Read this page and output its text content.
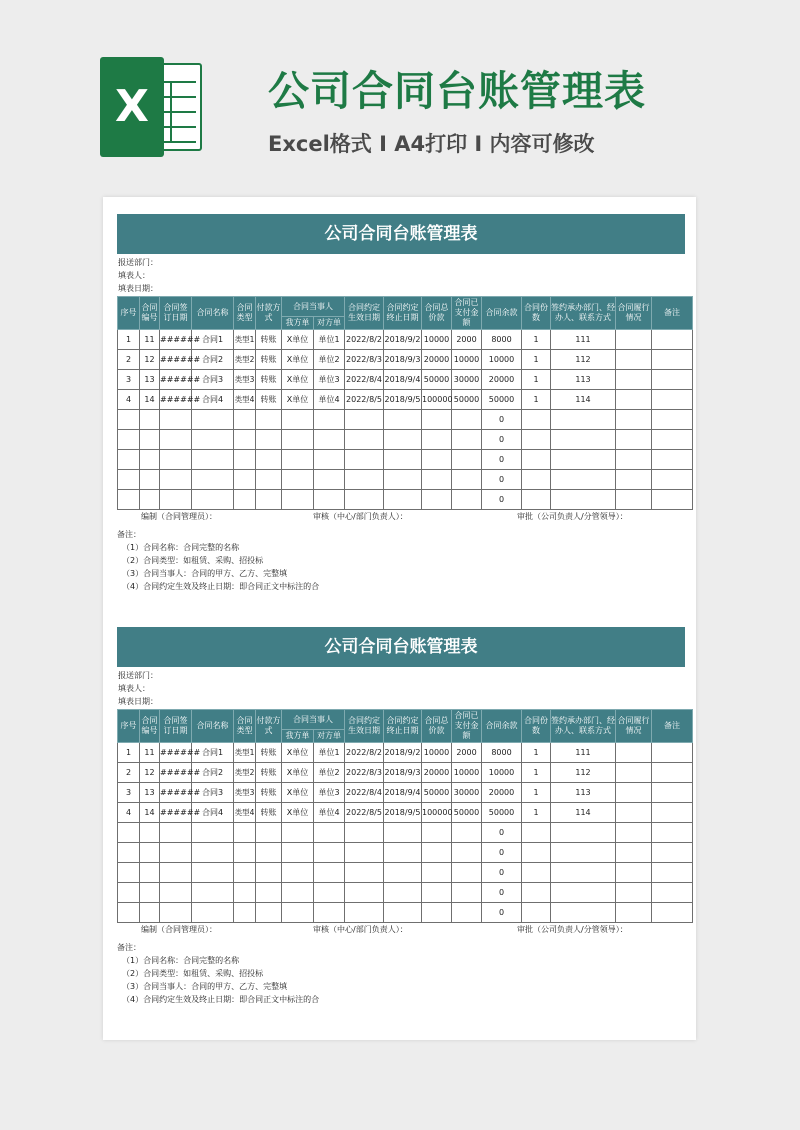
X	公司合同台账管理表

Excel格式 I A4打印 I 内容可修改

公司合同台账管理表
报送部门：
填表人：
填表日期：
序号	合同编号	合同签订日期	合同名称	合同类型	付款方式	合同当事人		合同约定生效日期	合同约定终止日期	合同总价款	合同已支付金额	合同余款	合同份数	签约承办部门、经办人、联系方式	合同履行情况	备注
						我方单	对方单									
1	11	######	合同1	类型1	转账	X单位	单位1	2022/8/2	2018/9/2	10000	2000	8000	1	111		
2	12	######	合同2	类型2	转账	X单位	单位2	2022/8/3	2018/9/3	20000	10000	10000	1	112		
3	13	######	合同3	类型3	转账	X单位	单位3	2022/8/4	2018/9/4	50000	30000	20000	1	113		
4	14	######	合同4	类型4	转账	X单位	单位4	2022/8/5	2018/9/5	100000	50000	50000	1	114		
												0				
												0				
												0				
												0				
												0				
编制（合同管理员）：	审核（中心/部门负责人）：	审批（公司负责人/分管领导）：
备注：
（1）合同名称：合同完整的名称
（2）合同类型：如租赁、采购、招投标
（3）合同当事人：合同的甲方、乙方、完整填
（4）合同约定生效及终止日期：即合同正文中标注的合
公司合同台账管理表
报送部门：
填表人：
填表日期：
序号	合同编号	合同签订日期	合同名称	合同类型	付款方式	合同当事人		合同约定生效日期	合同约定终止日期	合同总价款	合同已支付金额	合同余款	合同份数	签约承办部门、经办人、联系方式	合同履行情况	备注
						我方单	对方单									
1	11	######	合同1	类型1	转账	X单位	单位1	2022/8/2	2018/9/2	10000	2000	8000	1	111		
2	12	######	合同2	类型2	转账	X单位	单位2	2022/8/3	2018/9/3	20000	10000	10000	1	112		
3	13	######	合同3	类型3	转账	X单位	单位3	2022/8/4	2018/9/4	50000	30000	20000	1	113		
4	14	######	合同4	类型4	转账	X单位	单位4	2022/8/5	2018/9/5	100000	50000	50000	1	114		
												0				
												0				
												0				
												0				
												0				
编制（合同管理员）：	审核（中心/部门负责人）：	审批（公司负责人/分管领导）：
备注：
（1）合同名称：合同完整的名称
（2）合同类型：如租赁、采购、招投标
（3）合同当事人：合同的甲方、乙方、完整填
（4）合同约定生效及终止日期：即合同正文中标注的合
